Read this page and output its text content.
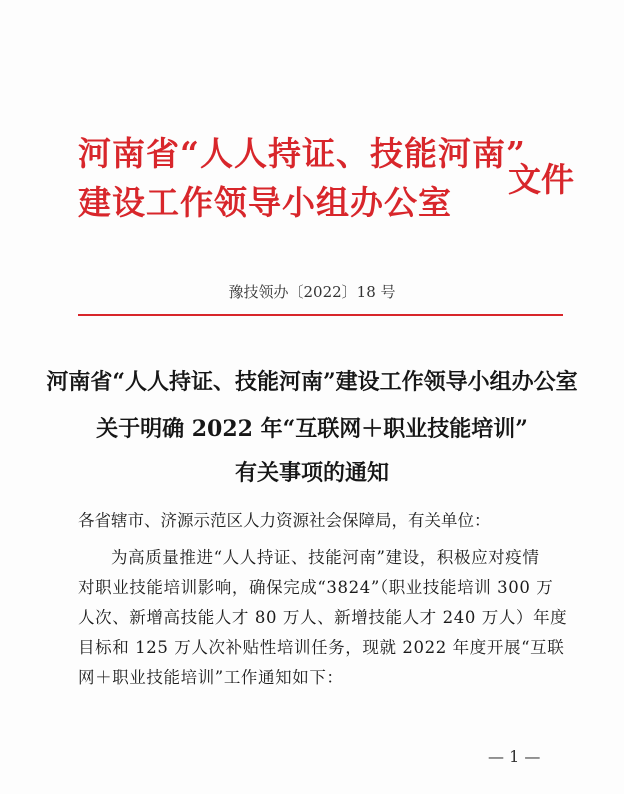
河南省“人人持证、技能河南”
建设工作领导小组办公室
文件
豫技领办〔2022〕18 号
河南省“人人持证、技能河南”建设工作领导小组办公室
关于明确 2022 年“互联网＋职业技能培训”
有关事项的通知
各省辖市、济源示范区人力资源社会保障局，有关单位：
为高质量推进“人人持证、技能河南”建设，积极应对疫情
对职业技能培训影响，确保完成“3824”（职业技能培训 300 万
人次、新增高技能人才 80 万人、新增技能人才 240 万人）年度
目标和 125 万人次补贴性培训任务，现就 2022 年度开展“互联
网＋职业技能培训”工作通知如下：
— 1 —
